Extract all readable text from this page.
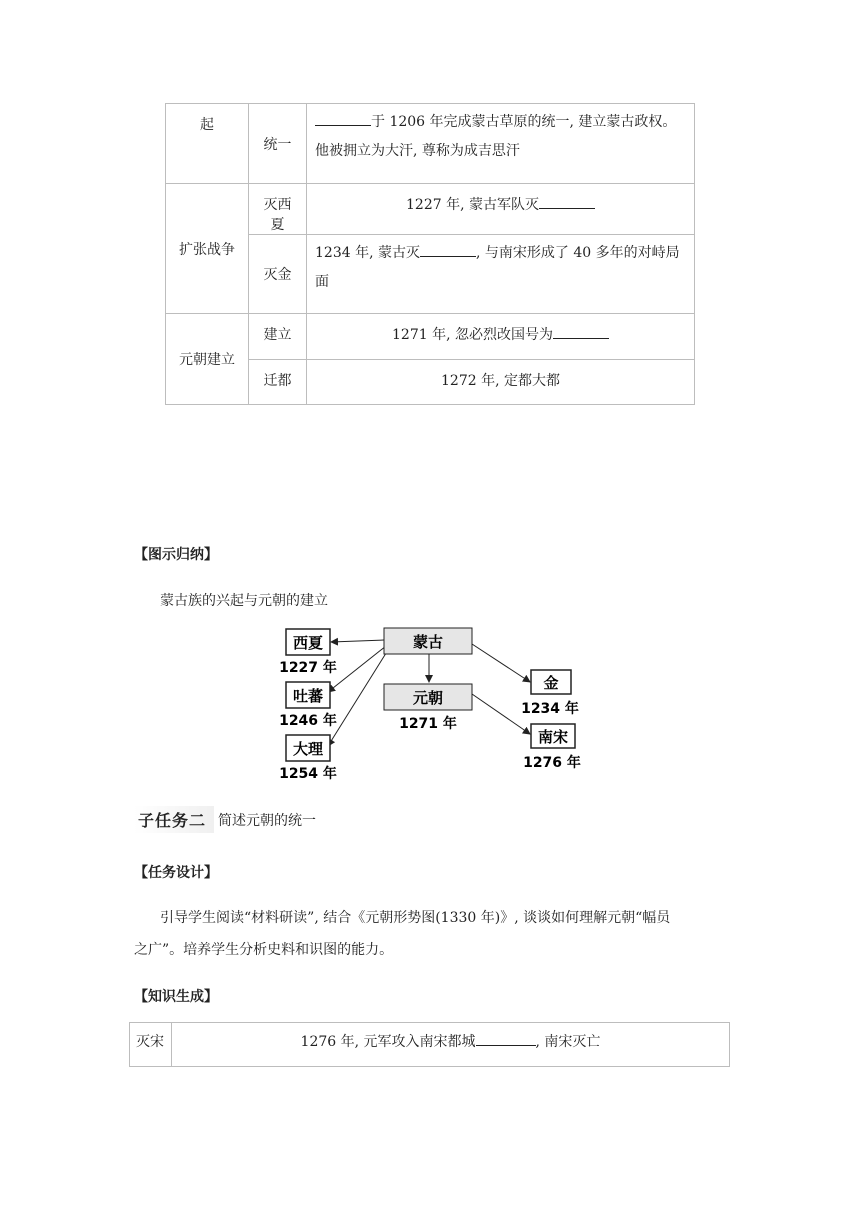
起	统一	于 1206 年完成蒙古草原的统一, 建立蒙古政权。
他被拥立为大汗, 尊称为成吉思汗
扩张战争	灭西夏	1227 年, 蒙古军队灭
	灭金	1234 年, 蒙古灭 , 与南宋形成了 40 多年的对峙局
面
元朝建立	建立	1271 年, 忽必烈改国号为
	迁都	1272 年, 定都大都
【图示归纳】
蒙古族的兴起与元朝的建立
蒙古
元朝
1271 年
西夏
1227 年
吐蕃
1246 年
大理
1254 年
金
1234 年
南宋
1276 年
子任务二 简述元朝的统一
【任务设计】
引导学生阅读“材料研读”, 结合《元朝形势图(1330 年)》, 谈谈如何理解元朝“幅员
之广”。培养学生分析史料和识图的能力。
【知识生成】
灭宋	1276 年, 元军攻入南宋都城	, 南宋灭亡
